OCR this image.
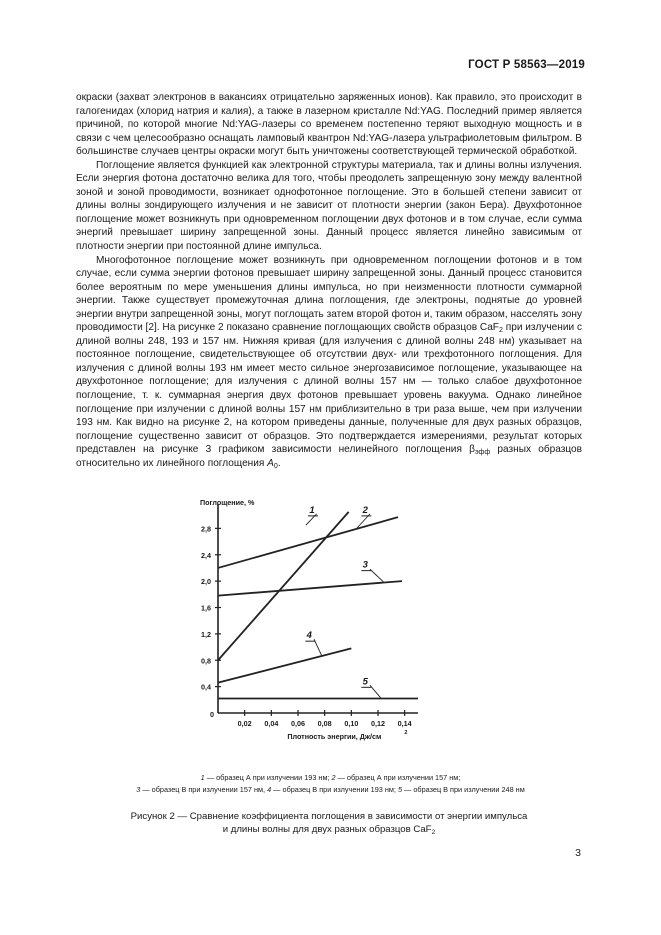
ГОСТ Р 58563—2019

окраски (захват электронов в вакансиях отрицательно заряженных ионов). Как правило, это происходит в галогенидах (хлорид натрия и калия), а также в лазерном кристалле Nd:YAG. Последний пример является причиной, по которой многие Nd:YAG-лазеры со временем постепенно теряют выходную мощность и в связи с чем целесообразно оснащать ламповый квантрон Nd:YAG-лазера ультрафиолетовым фильтром. В большинстве случаев центры окраски могут быть уничтожены соответствующей термической обработкой.

Поглощение является функцией как электронной структуры материала, так и длины волны излучения. Если энергия фотона достаточно велика для того, чтобы преодолеть запрещенную зону между валентной зоной и зоной проводимости, возникает однофотонное поглощение. Это в большей степени зависит от длины волны зондирующего излучения и не зависит от плотности энергии (закон Бера). Двухфотонное поглощение может возникнуть при одновременном поглощении двух фотонов и в том случае, если сумма энергий превышает ширину запрещенной зоны. Данный процесс является линейно зависимым от плотности энергии при постоянной длине импульса.

Многофотонное поглощение может возникнуть при одновременном поглощении фотонов и в том случае, если сумма энергии фотонов превышает ширину запрещенной зоны. Данный процесс становится более вероятным по мере уменьшения длины импульса, но при неизменности плотности суммарной энергии. Также существует промежуточная длина поглощения, где электроны, поднятые до уровней энергии внутри запрещенной зоны, могут поглощать затем второй фотон и, таким образом, насселять зону проводимости [2]. На рисунке 2 показано сравнение поглощающих свойств образцов CaF$_2$ при излучении с длиной волны 248, 193 и 157 нм. Нижняя кривая (для излучения с длиной волны 248 нм) указывает на постоянное поглощение, свидетельствующее об отсутствии двух- или трехфотонного поглощения. Для излучения с длиной волны 193 нм имеет место сильное энергозависимое поглощение, указывающее на двухфотонное поглощение; для излучения с длиной волны 157 нм — только слабое двухфотонное поглощение, т. к. суммарная энергия двух фотонов превышает уровень вакуума. Однако линейное поглощение при излучении с длиной волны 157 нм приблизительно в три раза выше, чем при излучении 193 нм. Как видно на рисунке 2, на котором приведены данные, полученные для двух разных образцов, поглощение существенно зависит от образцов. Это подтверждается измерениями, результат которых представлен на рисунке 3 графиком зависимости нелинейного поглощения $\beta_{эфф}$ разных образцов относительно их линейного поглощения $A_0$.

0,4
0,8
1,2
1,6
2,0
2,4
2,8
0,02 0,04 0,06 0,08 0,10 0,12 0,14
0
Поглощение, %
Плотность энергии, Дж/см	2
1	2
3
4
5
1 — образец А при излучении 193 нм; 2 — образец А при излучении 157 нм;
3 — образец В при излучении 157 нм, 4 — образец В при излучении 193 нм; 5 — образец В при излучении 248 нм
Рисунок 2 — Сравнение коэффициента поглощения в зависимости от энергии импульса
и длины волны для двух разных образцов CaF$_2$
3
